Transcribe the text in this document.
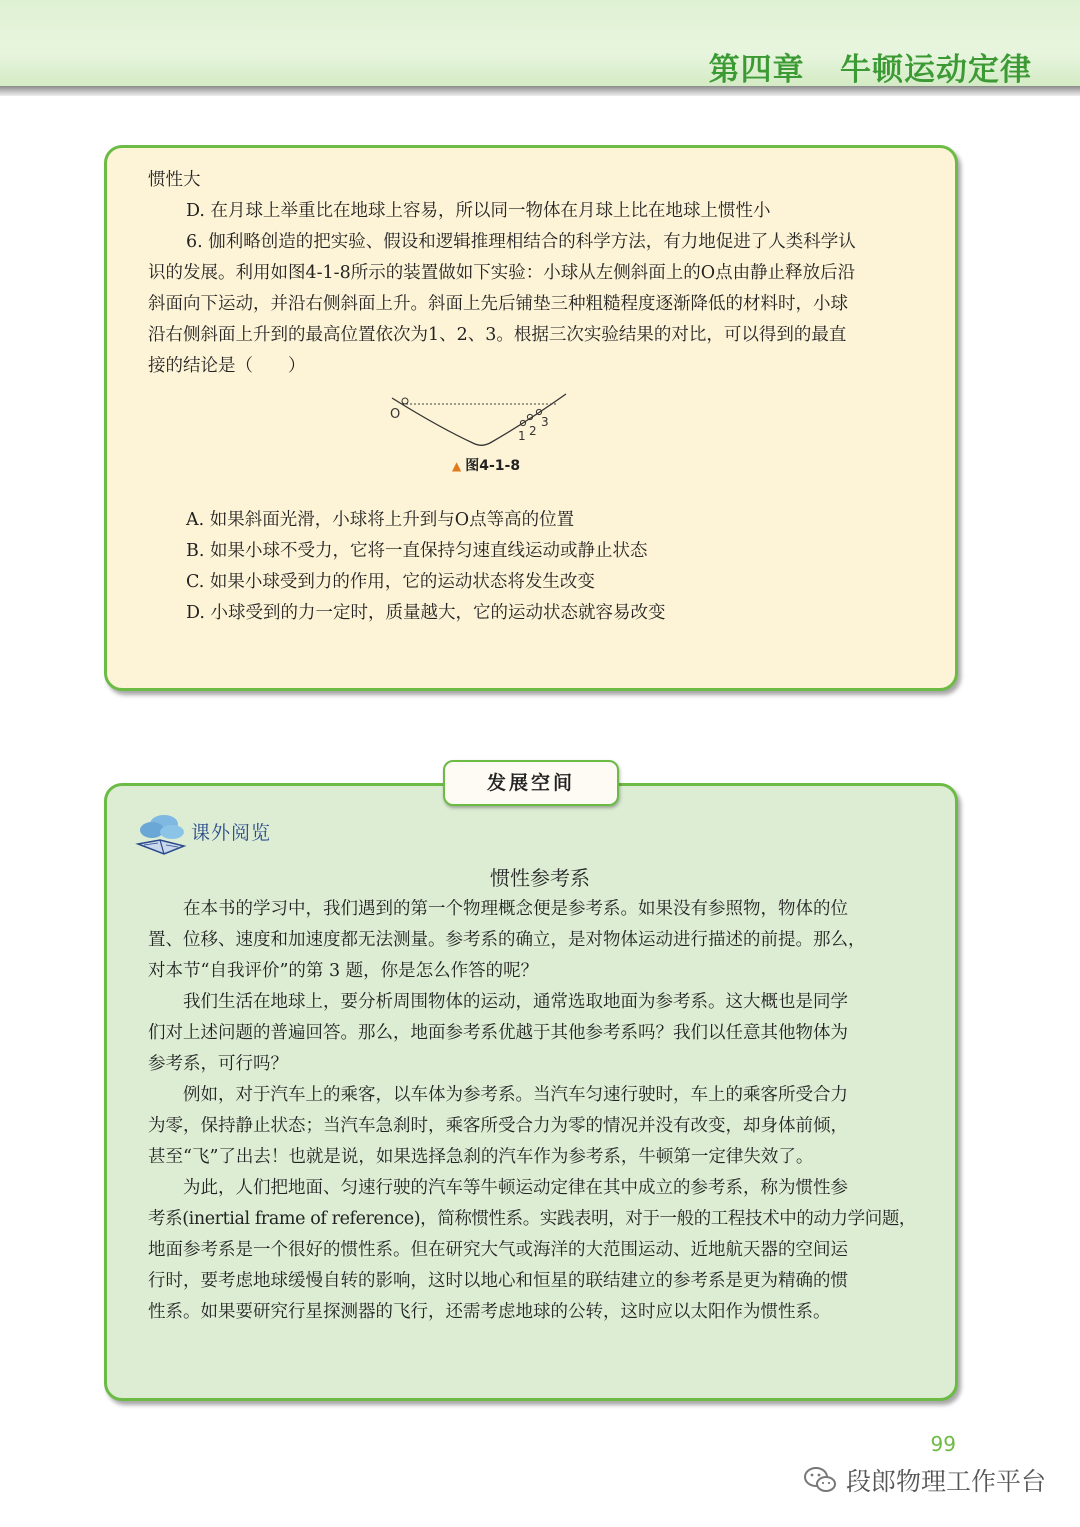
第四章   牛顿运动定律
惯性大
D. 在月球上举重比在地球上容易，所以同一物体在月球上比在地球上惯性小
6. 伽利略创造的把实验、假设和逻辑推理相结合的科学方法，有力地促进了人类科学认
识的发展。利用如图4-1-8所示的装置做如下实验：小球从左侧斜面上的O点由静止释放后沿
斜面向下运动，并沿右侧斜面上升。斜面上先后铺垫三种粗糙程度逐渐降低的材料时，小球
沿右侧斜面上升到的最高位置依次为1、2、3。根据三次实验结果的对比，可以得到的最直
接的结论是（　　）
O
1 2
3
▲ 图4-1-8
A. 如果斜面光滑，小球将上升到与O点等高的位置
B. 如果小球不受力，它将一直保持匀速直线运动或静止状态
C. 如果小球受到力的作用，它的运动状态将发生改变
D. 小球受到的力一定时，质量越大，它的运动状态就容易改变
发展空间
课外阅览
惯性参考系
　　在本书的学习中，我们遇到的第一个物理概念便是参考系。如果没有参照物，物体的位
置、位移、速度和加速度都无法测量。参考系的确立，是对物体运动进行描述的前提。那么，
对本节“自我评价”的第 3 题，你是怎么作答的呢？
　　我们生活在地球上，要分析周围物体的运动，通常选取地面为参考系。这大概也是同学
们对上述问题的普遍回答。那么，地面参考系优越于其他参考系吗？我们以任意其他物体为
参考系，可行吗？
　　例如，对于汽车上的乘客，以车体为参考系。当汽车匀速行驶时，车上的乘客所受合力
为零，保持静止状态；当汽车急刹时，乘客所受合力为零的情况并没有改变，却身体前倾，
甚至“飞”了出去！也就是说，如果选择急刹的汽车作为参考系，牛顿第一定律失效了。
　　为此，人们把地面、匀速行驶的汽车等牛顿运动定律在其中成立的参考系，称为惯性参
考系(inertial frame of reference)，简称惯性系。实践表明，对于一般的工程技术中的动力学问题，
地面参考系是一个很好的惯性系。但在研究大气或海洋的大范围运动、近地航天器的空间运
行时，要考虑地球缓慢自转的影响，这时以地心和恒星的联结建立的参考系是更为精确的惯
性系。如果要研究行星探测器的飞行，还需考虑地球的公转，这时应以太阳作为惯性系。
99
段郎物理工作平台
